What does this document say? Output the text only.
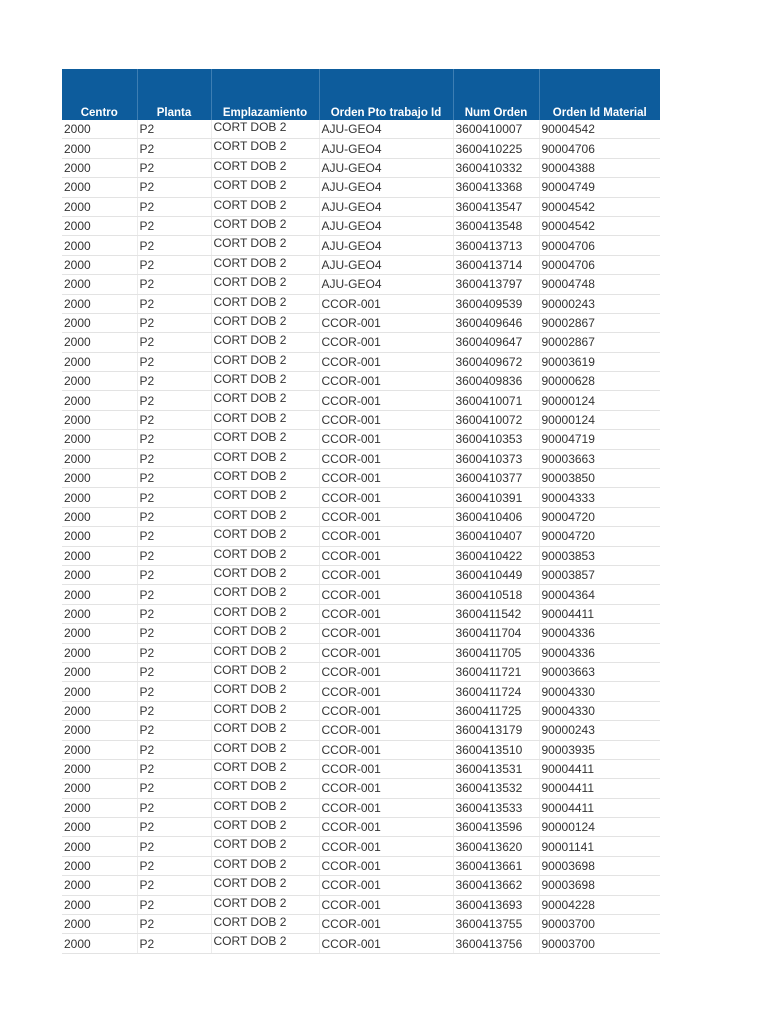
Centro	Planta	Emplazamiento	Orden Pto trabajo Id	Num Orden	Orden Id Material
2000	P2	CORT DOB 2	AJU-GEO4	3600410007	90004542
2000	P2	CORT DOB 2	AJU-GEO4	3600410225	90004706
2000	P2	CORT DOB 2	AJU-GEO4	3600410332	90004388
2000	P2	CORT DOB 2	AJU-GEO4	3600413368	90004749
2000	P2	CORT DOB 2	AJU-GEO4	3600413547	90004542
2000	P2	CORT DOB 2	AJU-GEO4	3600413548	90004542
2000	P2	CORT DOB 2	AJU-GEO4	3600413713	90004706
2000	P2	CORT DOB 2	AJU-GEO4	3600413714	90004706
2000	P2	CORT DOB 2	AJU-GEO4	3600413797	90004748
2000	P2	CORT DOB 2	CCOR-001	3600409539	90000243
2000	P2	CORT DOB 2	CCOR-001	3600409646	90002867
2000	P2	CORT DOB 2	CCOR-001	3600409647	90002867
2000	P2	CORT DOB 2	CCOR-001	3600409672	90003619
2000	P2	CORT DOB 2	CCOR-001	3600409836	90000628
2000	P2	CORT DOB 2	CCOR-001	3600410071	90000124
2000	P2	CORT DOB 2	CCOR-001	3600410072	90000124
2000	P2	CORT DOB 2	CCOR-001	3600410353	90004719
2000	P2	CORT DOB 2	CCOR-001	3600410373	90003663
2000	P2	CORT DOB 2	CCOR-001	3600410377	90003850
2000	P2	CORT DOB 2	CCOR-001	3600410391	90004333
2000	P2	CORT DOB 2	CCOR-001	3600410406	90004720
2000	P2	CORT DOB 2	CCOR-001	3600410407	90004720
2000	P2	CORT DOB 2	CCOR-001	3600410422	90003853
2000	P2	CORT DOB 2	CCOR-001	3600410449	90003857
2000	P2	CORT DOB 2	CCOR-001	3600410518	90004364
2000	P2	CORT DOB 2	CCOR-001	3600411542	90004411
2000	P2	CORT DOB 2	CCOR-001	3600411704	90004336
2000	P2	CORT DOB 2	CCOR-001	3600411705	90004336
2000	P2	CORT DOB 2	CCOR-001	3600411721	90003663
2000	P2	CORT DOB 2	CCOR-001	3600411724	90004330
2000	P2	CORT DOB 2	CCOR-001	3600411725	90004330
2000	P2	CORT DOB 2	CCOR-001	3600413179	90000243
2000	P2	CORT DOB 2	CCOR-001	3600413510	90003935
2000	P2	CORT DOB 2	CCOR-001	3600413531	90004411
2000	P2	CORT DOB 2	CCOR-001	3600413532	90004411
2000	P2	CORT DOB 2	CCOR-001	3600413533	90004411
2000	P2	CORT DOB 2	CCOR-001	3600413596	90000124
2000	P2	CORT DOB 2	CCOR-001	3600413620	90001141
2000	P2	CORT DOB 2	CCOR-001	3600413661	90003698
2000	P2	CORT DOB 2	CCOR-001	3600413662	90003698
2000	P2	CORT DOB 2	CCOR-001	3600413693	90004228
2000	P2	CORT DOB 2	CCOR-001	3600413755	90003700
2000	P2	CORT DOB 2	CCOR-001	3600413756	90003700
